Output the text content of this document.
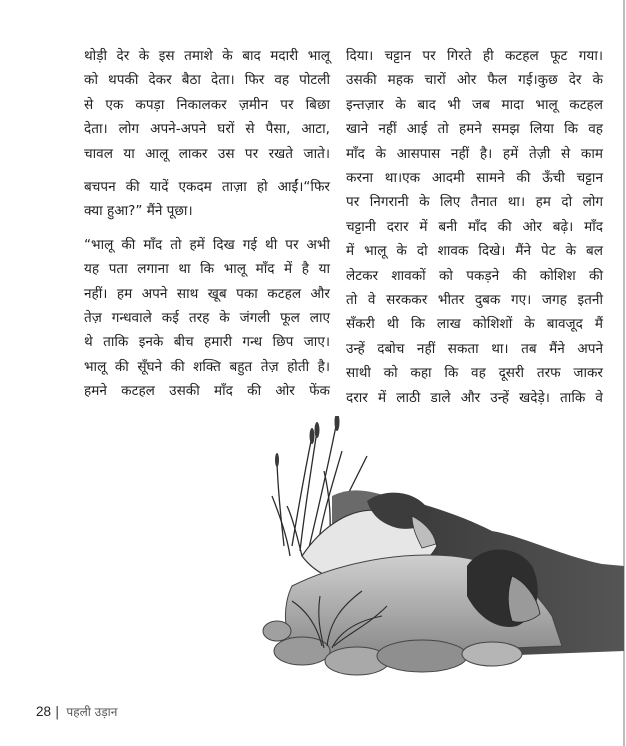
थोड़ी देर के इस तमाशे के बाद मदारी भालू
को थपकी देकर बैठा देता। फिर वह पोटली
से एक कपड़ा निकालकर ज़मीन पर बिछा
देता। लोग अपने-अपने घरों से पैसा, आटा,
चावल या आलू लाकर उस पर रखते जाते।
बचपन की यादें एकदम ताज़ा हो आईं।“फिर
क्या हुआ?” मैंने पूछा।
“भालू की माँद तो हमें दिख गई थी पर अभी
यह पता लगाना था कि भालू माँद में है या
नहीं। हम अपने साथ खूब पका कटहल और
तेज़ गन्धवाले कई तरह के जंगली फूल लाए
थे ताकि इनके बीच हमारी गन्ध छिप जाए।
भालू की सूँघने की शक्ति बहुत तेज़ होती है।
हमने कटहल उसकी माँद की ओर फेंक
दिया। चट्टान पर गिरते ही कटहल फूट गया।
उसकी महक चारों ओर फैल गई।कुछ देर के
इन्तज़ार के बाद भी जब मादा भालू कटहल
खाने नहीं आई तो हमने समझ लिया कि वह
माँद के आसपास नहीं है। हमें तेज़ी से काम
करना था।एक आदमी सामने की ऊँची चट्टान
पर निगरानी के लिए तैनात था। हम दो लोग
चट्टानी दरार में बनी माँद की ओर बढ़े। माँद
में भालू के दो शावक दिखे। मैंने पेट के बल
लेटकर शावकों को पकड़ने की कोशिश की
तो वे सरककर भीतर दुबक गए। जगह इतनी
सँकरी थी कि लाख कोशिशों के बावजूद मैं
उन्हें दबोच नहीं सकता था। तब मैंने अपने
साथी को कहा कि वह दूसरी तरफ जाकर
दरार में लाठी डाले और उन्हें खदेड़े। ताकि वे
28 | पहली उड़ान
